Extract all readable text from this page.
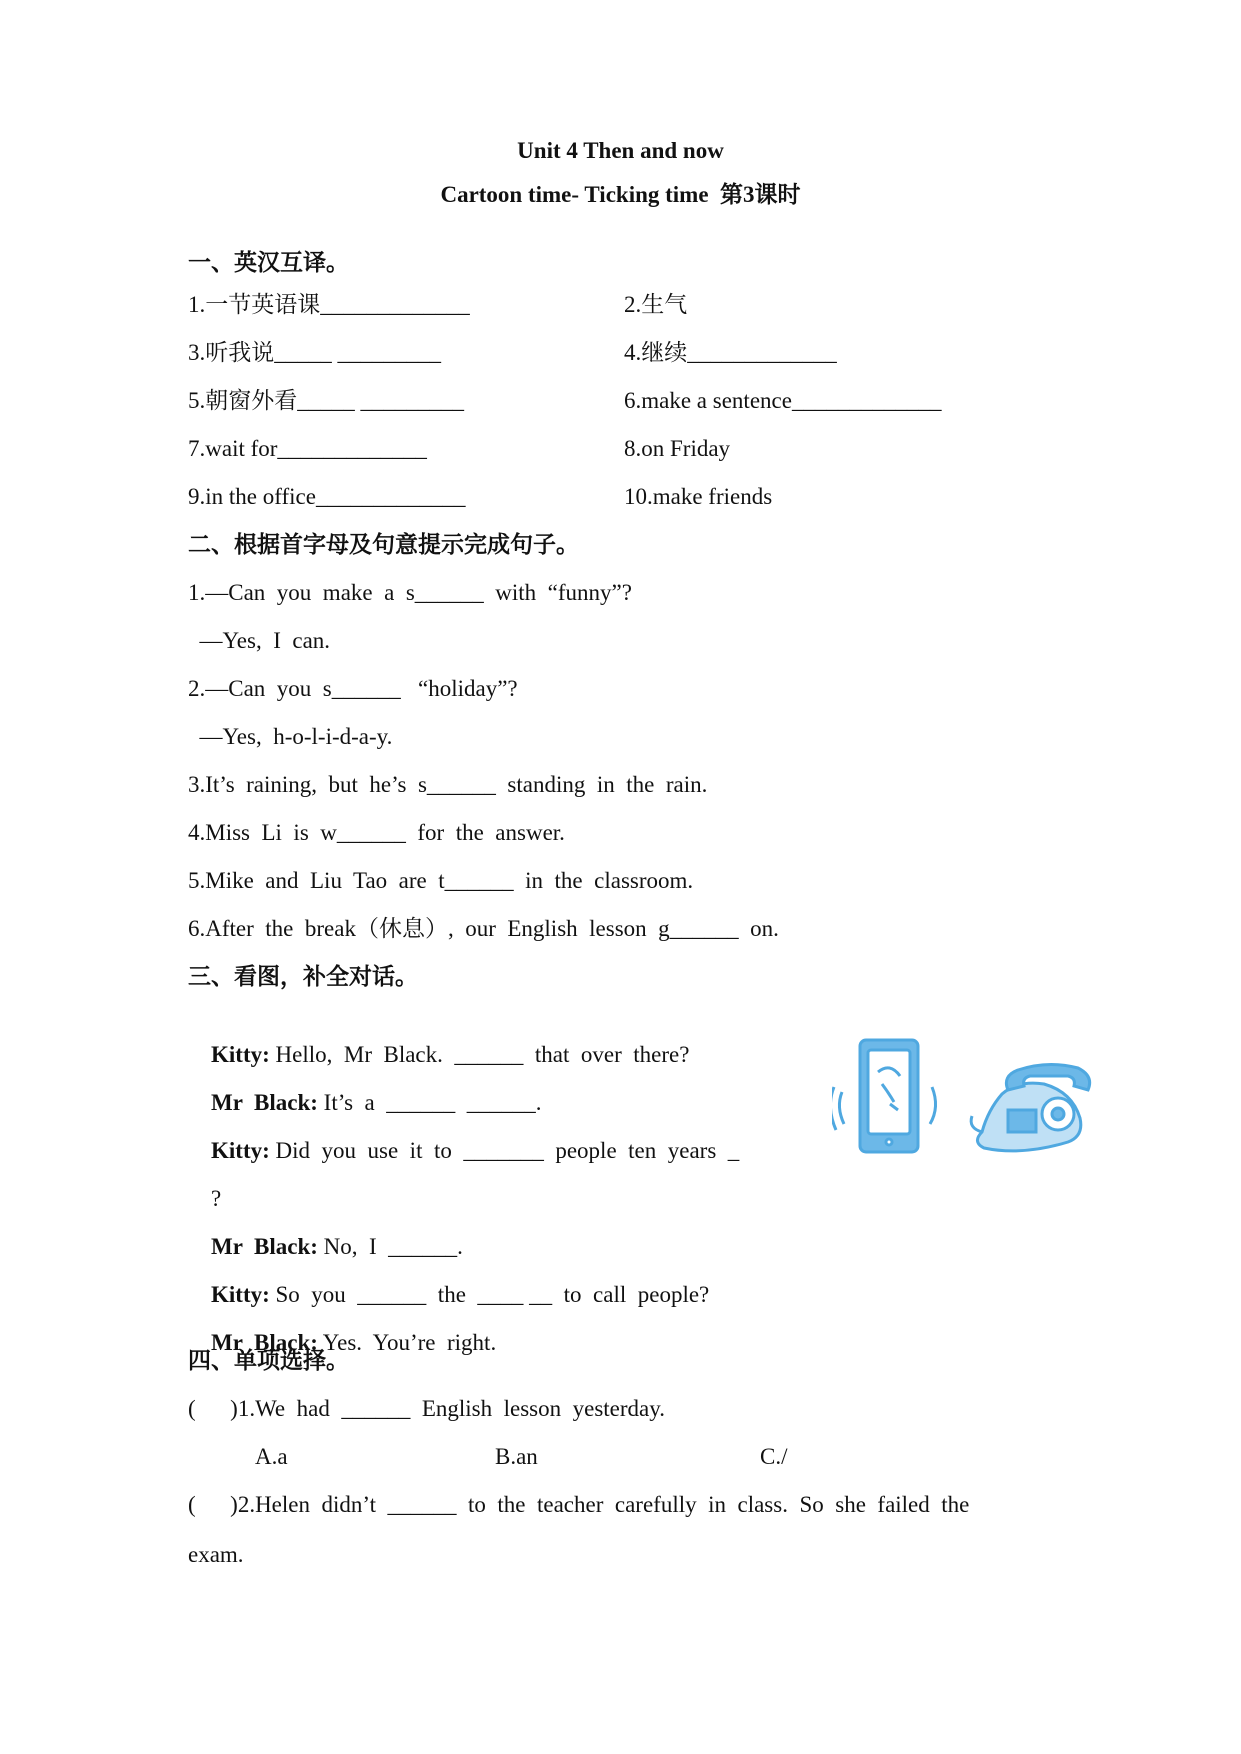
Unit 4 Then and now
Cartoon time- Ticking time  第3课时
一、英汉互译。
1.一节英语课_____________	2.生气
3.听我说_____ _________	4.继续_____________
5.朝窗外看_____ _________	6.make a sentence_____________
7.wait for_____________	8.on Friday
9.in the office_____________	10.make friends
二、根据首字母及句意提示完成句子。
1.—Can  you  make  a  s______  with  “funny”?
—Yes,  I  can.
2.—Can  you  s______   “holiday”?
—Yes,  h-o-l-i-d-a-y.
3.It’s  raining,  but  he’s  s______  standing  in  the  rain.
4.Miss  Li  is  w______  for  the  answer.
5.Mike  and  Liu  Tao  are  t______  in  the  classroom.
6.After  the  break（休息）,  our  English  lesson  g______  on.
三、看图，补全对话。

Kitty: Hello,  Mr  Black.  ______  that  over  there?

Mr  Black: It’s  a  ______  ______.

Kitty: Did  you  use  it  to  _______  people  ten  years  _

?

Mr  Black: No,  I  ______.

Kitty: So  you  ______  the  ____ __  to  call  people?

Mr  Black: Yes.  You’re  right.

四、单项选择。
(      )1.We  had  ______  English  lesson  yesterday.
A.a	B.an	C./
(      )2.Helen  didn’t  ______  to  the  teacher  carefully  in  class.  So  she  failed  the
exam.
